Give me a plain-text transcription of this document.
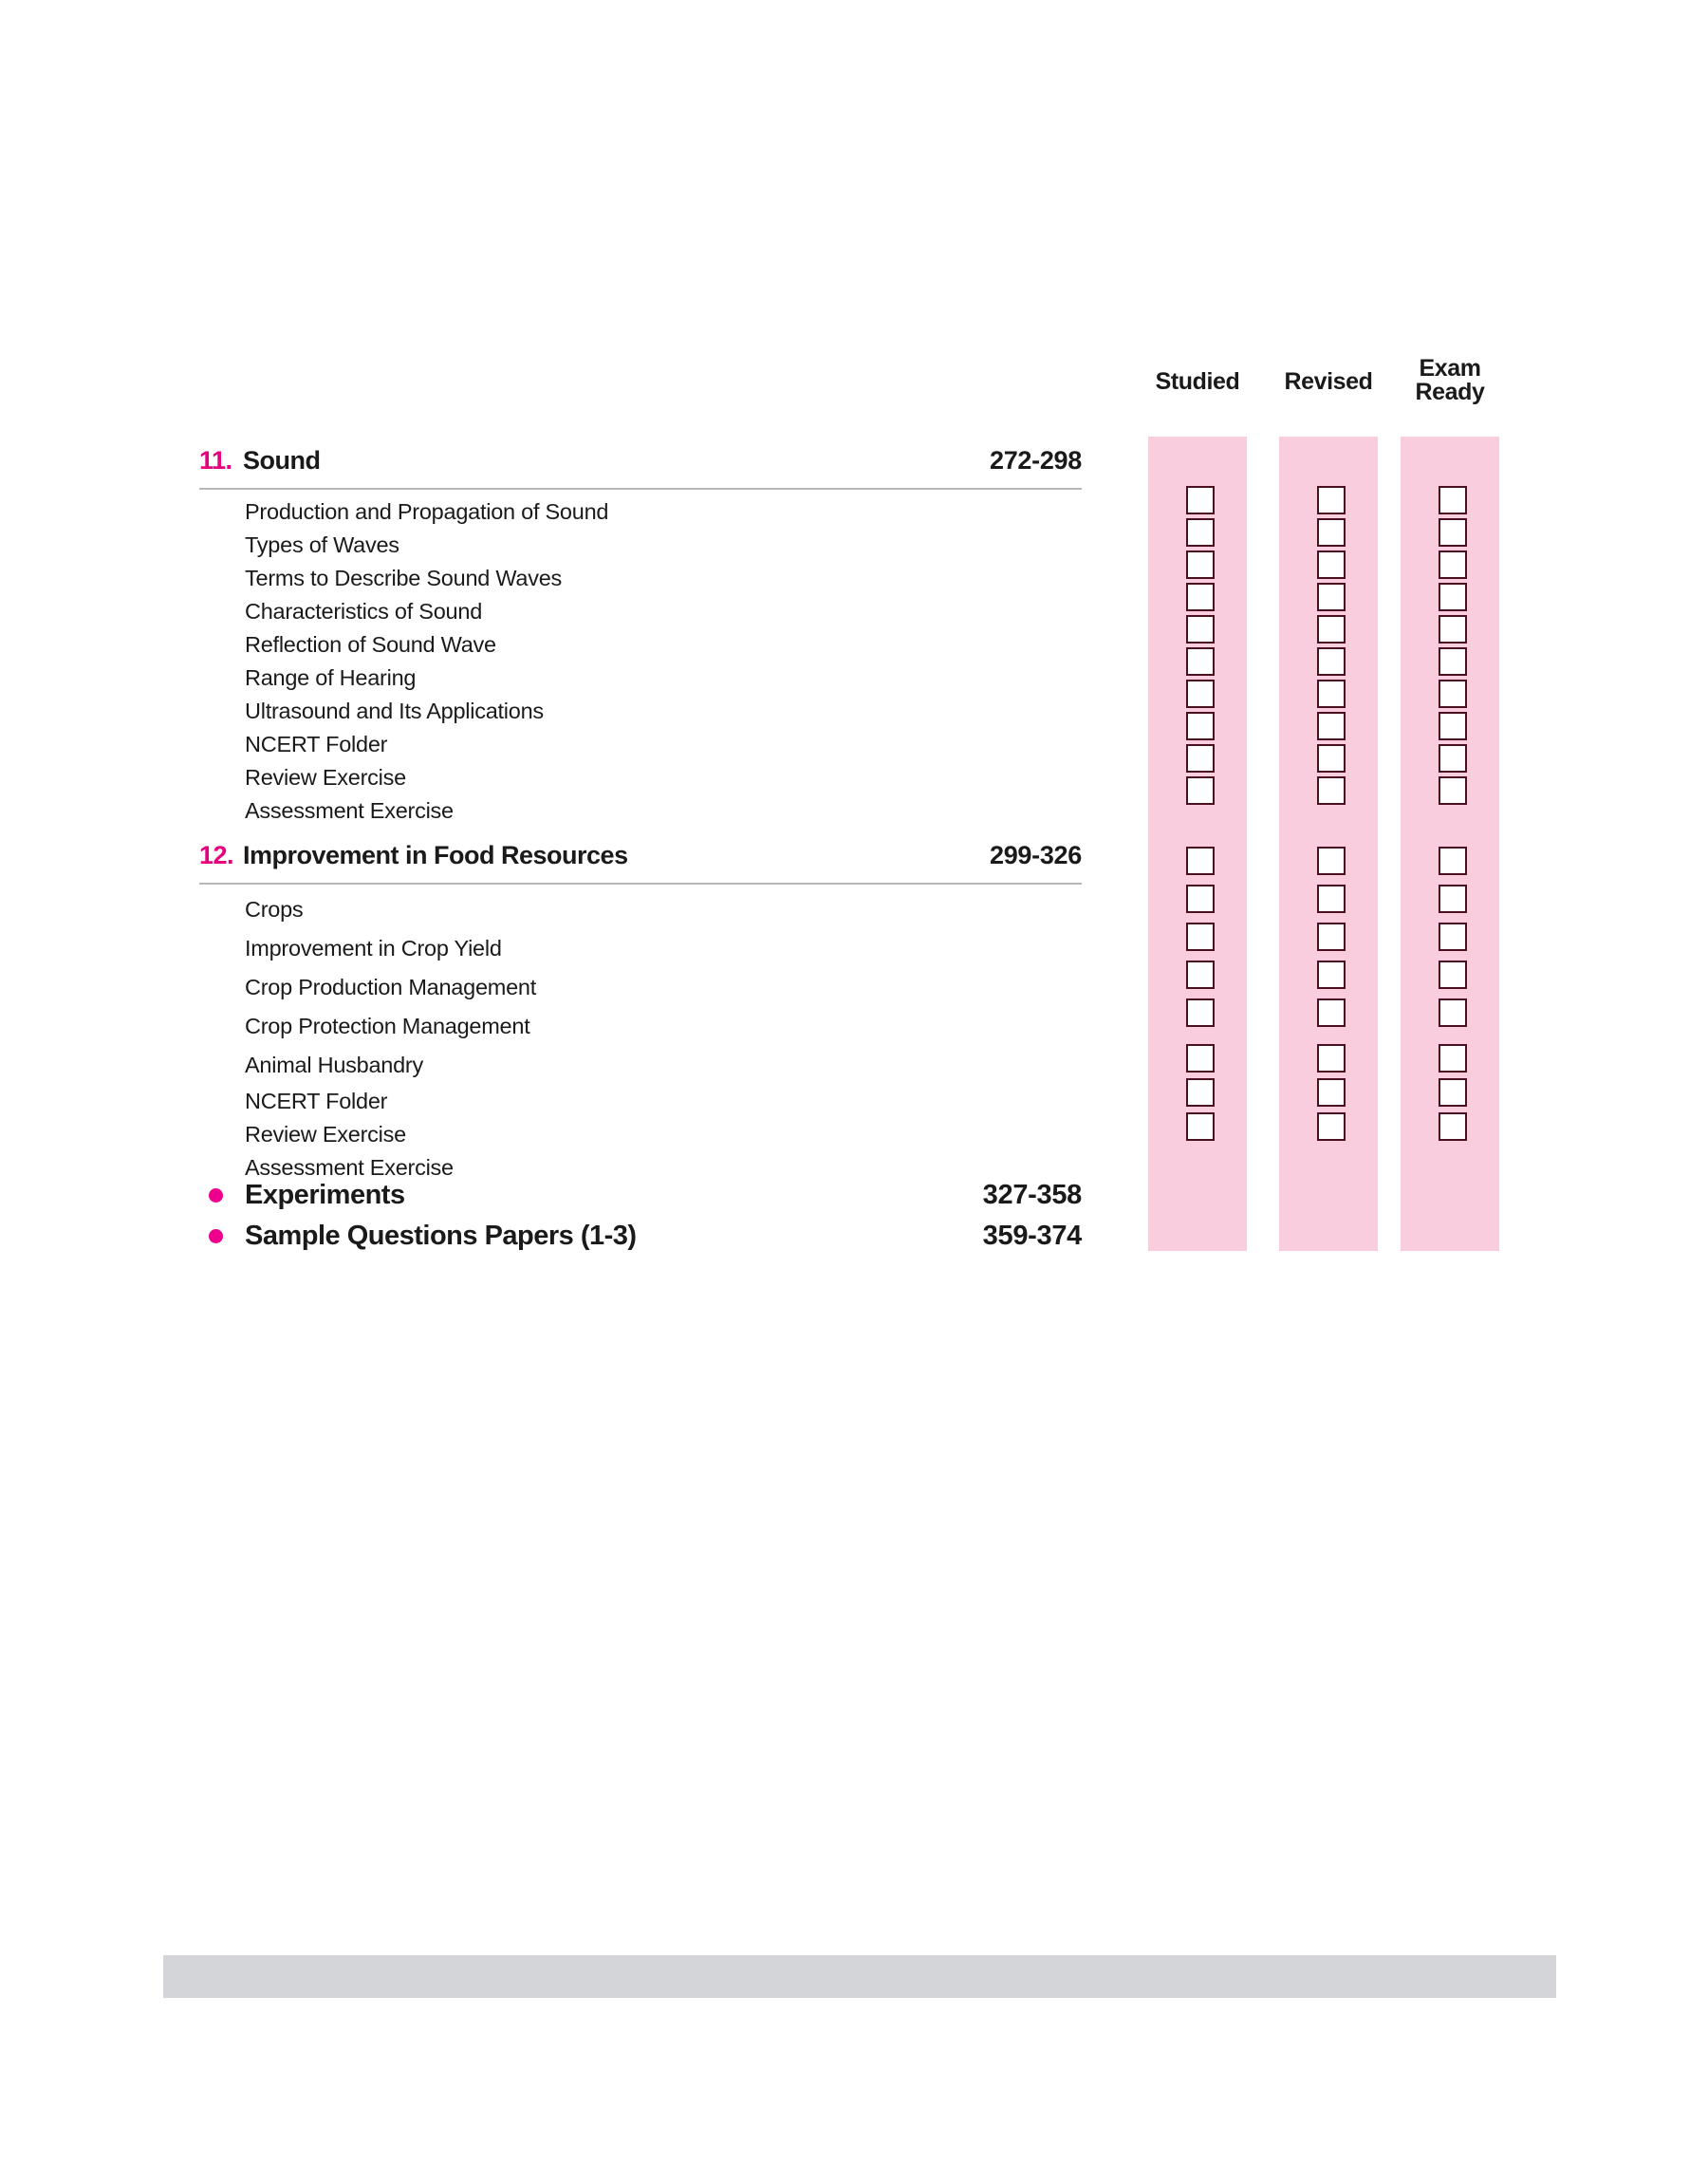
Studied	Revised	Exam
Ready
11. Sound	272-298
Production and Propagation of Sound
Types of Waves
Terms to Describe Sound Waves
Characteristics of Sound
Reflection of Sound Wave
Range of Hearing
Ultrasound and Its Applications
NCERT Folder
Review Exercise
Assessment Exercise
12. Improvement in Food Resources	299-326
Crops
Improvement in Crop Yield
Crop Production Management
Crop Protection Management
Animal Husbandry
NCERT Folder
Review Exercise
Assessment Exercise
Experiments	327-358
Sample Questions Papers (1-3)	359-374
